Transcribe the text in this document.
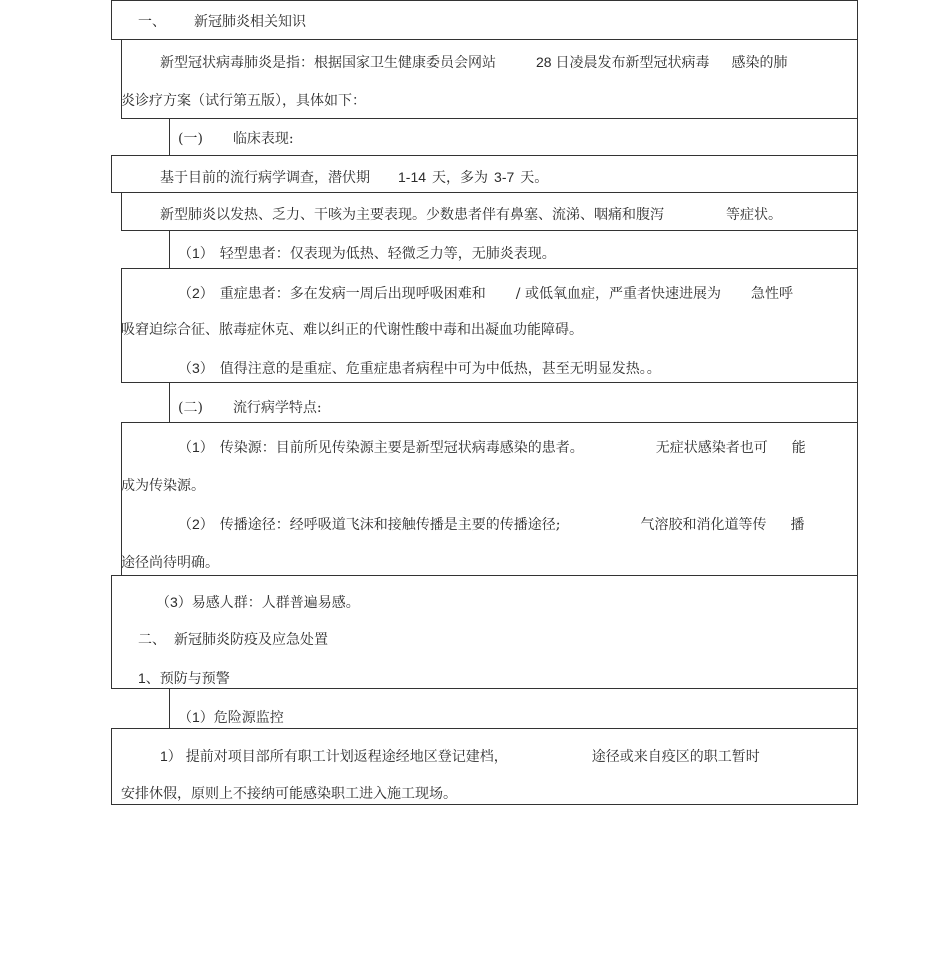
一、 新冠肺炎相关知识
新型冠状病毒肺炎是指：根据国家卫生健康委员会网站	28 日凌晨发布新型冠状病毒 感染的肺
炎诊疗方案（试行第五版），具体如下：
(一) 临床表现:
基于目前的流行病学调查，潜伏期 1-14 天，多为 3-7 天。
新型肺炎以发热、乏力、干咳为主要表现。少数患者伴有鼻塞、流涕、咽痛和腹泻	等症状。
（1） 轻型患者：仅表现为低热、轻微乏力等，无肺炎表现。
（2） 重症患者：多在发病一周后出现呼吸困难和 / 或低氧血症，严重者快速进展为 急性呼
吸窘迫综合征、脓毒症休克、难以纠正的代谢性酸中毒和出凝血功能障碍。
（3） 值得注意的是重症、危重症患者病程中可为中低热，甚至无明显发热。。
(二) 流行病学特点:
（1） 传染源：目前所见传染源主要是新型冠状病毒感染的患者。	无症状感染者也可 能
成为传染源。
（2） 传播途径：经呼吸道飞沫和接触传播是主要的传播途径;	气溶胶和消化道等传 播
途径尚待明确。
（3）易感人群：人群普遍易感。
二、 新冠肺炎防疫及应急处置
1、预防与预警
（1）危险源监控
1） 提前对项目部所有职工计划返程途经地区登记建档，	途径或来自疫区的职工暂时
安排休假，原则上不接纳可能感染职工进入施工现场。
